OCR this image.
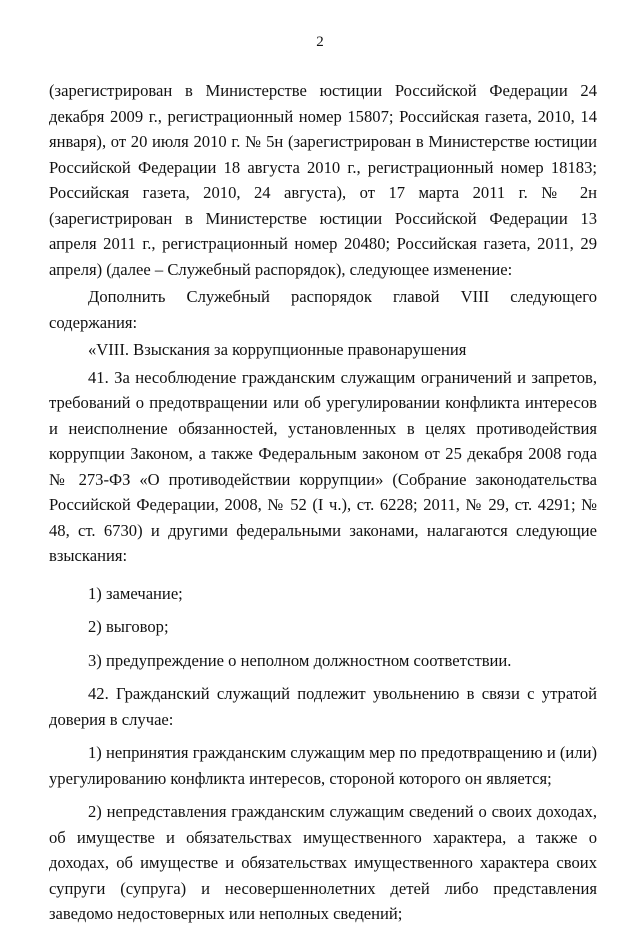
2

(зарегистрирован в Министерстве юстиции Российской Федерации 24 декабря 2009 г., регистрационный номер 15807; Российская газета, 2010, 14 января), от 20 июля 2010 г. № 5н (зарегистрирован в Министерстве юстиции Российской Федерации 18 августа 2010 г., регистрационный номер 18183; Российская газета, 2010, 24 августа), от 17 марта 2011 г. № 2н (зарегистрирован в Министерстве юстиции Российской Федерации 13 апреля 2011 г., регистрационный номер 20480; Российская газета, 2011, 29 апреля) (далее – Служебный распорядок), следующее изменение:

Дополнить Служебный распорядок главой VIII следующего содержания:

«VIII. Взыскания за коррупционные правонарушения

41. За несоблюдение гражданским служащим ограничений и запретов, требований о предотвращении или об урегулировании конфликта интересов и неисполнение обязанностей, установленных в целях противодействия коррупции Законом, а также Федеральным законом от 25 декабря 2008 года № 273-ФЗ «О противодействии коррупции» (Собрание законодательства Российской Федерации, 2008, № 52 (I ч.), ст. 6228; 2011, № 29, ст. 4291; № 48, ст. 6730) и другими федеральными законами, налагаются следующие взыскания:

1) замечание;

2) выговор;

3) предупреждение о неполном должностном соответствии.

42. Гражданский служащий подлежит увольнению в связи с утратой доверия в случае:

1) непринятия гражданским служащим мер по предотвращению и (или) урегулированию конфликта интересов, стороной которого он является;

2) непредставления гражданским служащим сведений о своих доходах, об имуществе и обязательствах имущественного характера, а также о доходах, об имуществе и обязательствах имущественного характера своих супруги (супруга) и несовершеннолетних детей либо представления заведомо недостоверных или неполных сведений;
